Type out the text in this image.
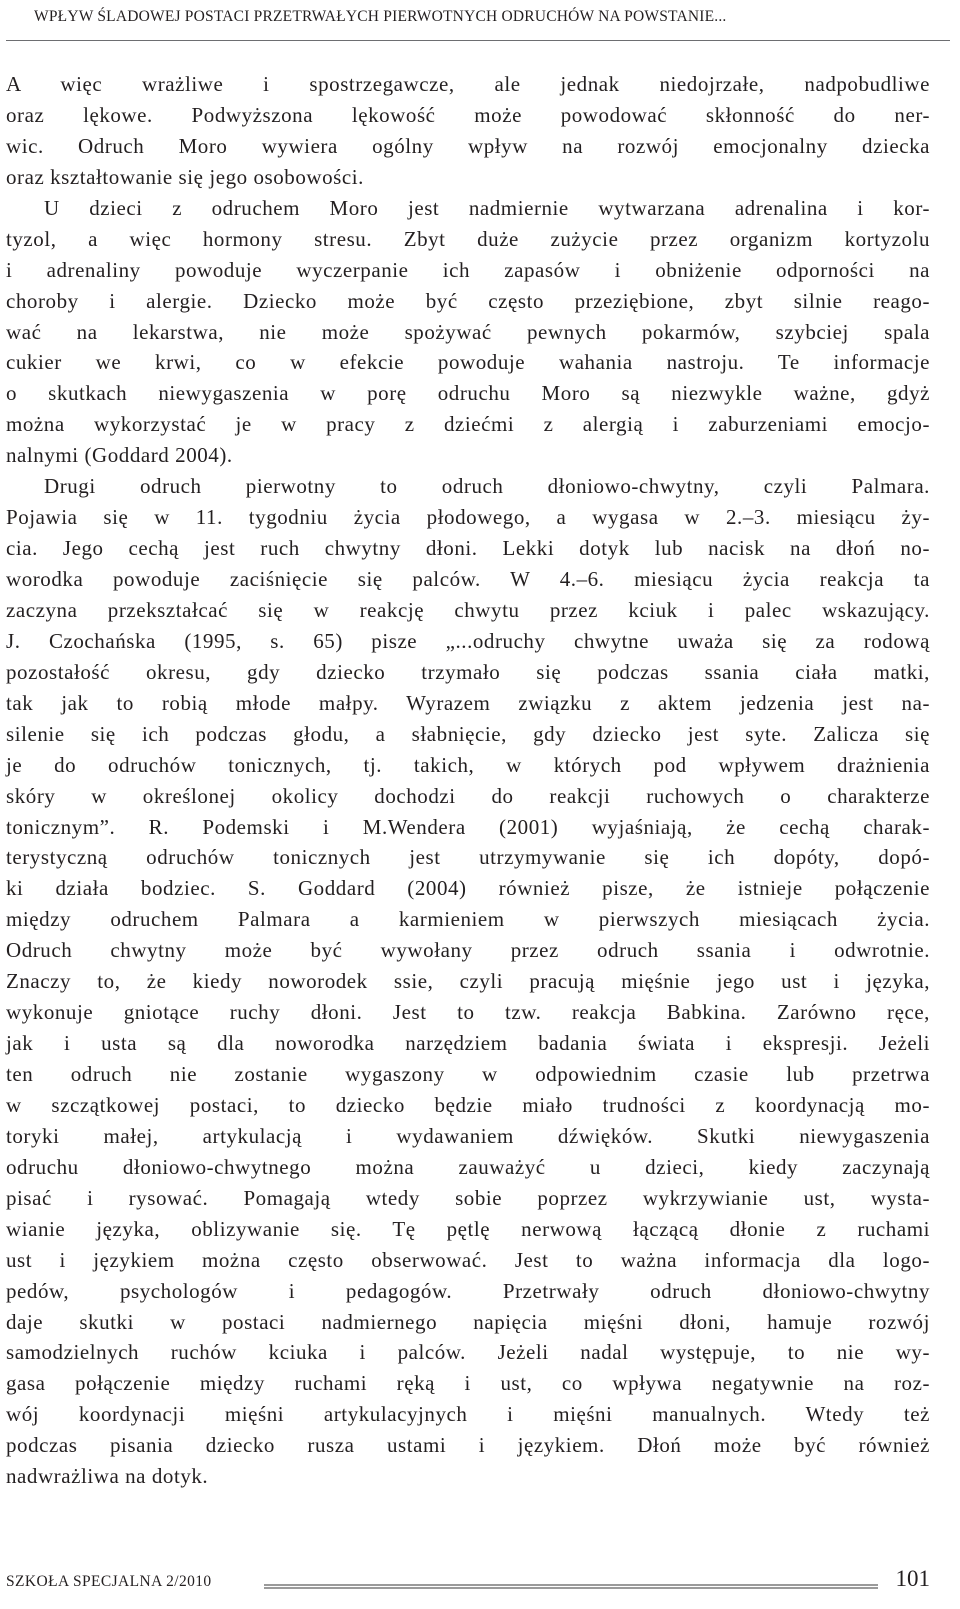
WPŁYW ŚLADOWEJ POSTACI PRZETRWAŁYCH PIERWOTNYCH ODRUCHÓW NA POWSTANIE...
A więc wrażliwe i spostrzegawcze, ale jednak niedojrzałe, nadpobudliwe
oraz lękowe. Podwyższona lękowość może powodować skłonność do ner-
wic. Odruch Moro wywiera ogólny wpływ na rozwój emocjonalny dziecka
oraz kształtowanie się jego osobowości.
U dzieci z odruchem Moro jest nadmiernie wytwarzana adrenalina i kor-
tyzol, a więc hormony stresu. Zbyt duże zużycie przez organizm kortyzolu
i adrenaliny powoduje wyczerpanie ich zapasów i obniżenie odporności na
choroby i alergie. Dziecko może być często przeziębione, zbyt silnie reago-
wać na lekarstwa, nie może spożywać pewnych pokarmów, szybciej spala
cukier we krwi, co w efekcie powoduje wahania nastroju. Te informacje
o skutkach niewygaszenia w porę odruchu Moro są niezwykle ważne, gdyż
można wykorzystać je w pracy z dziećmi z alergią i zaburzeniami emocjo-
nalnymi (Goddard 2004).
Drugi odruch pierwotny to odruch dłoniowo-chwytny, czyli Palmara.
Pojawia się w 11. tygodniu życia płodowego, a wygasa w 2.–3. miesiącu ży-
cia. Jego cechą jest ruch chwytny dłoni. Lekki dotyk lub nacisk na dłoń no-
worodka powoduje zaciśnięcie się palców. W 4.–6. miesiącu życia reakcja ta
zaczyna przekształcać się w reakcję chwytu przez kciuk i palec wskazujący.
J. Czochańska (1995, s. 65) pisze „...odruchy chwytne uważa się za rodową
pozostałość okresu, gdy dziecko trzymało się podczas ssania ciała matki,
tak jak to robią młode małpy. Wyrazem związku z aktem jedzenia jest na-
silenie się ich podczas głodu, a słabnięcie, gdy dziecko jest syte. Zalicza się
je do odruchów tonicznych, tj. takich, w których pod wpływem drażnienia
skóry w określonej okolicy dochodzi do reakcji ruchowych o charakterze
tonicznym”. R. Podemski i M.Wendera (2001) wyjaśniają, że cechą charak-
terystyczną odruchów tonicznych jest utrzymywanie się ich dopóty, dopó-
ki działa bodziec. S. Goddard (2004) również pisze, że istnieje połączenie
między odruchem Palmara a karmieniem w pierwszych miesiącach życia.
Odruch chwytny może być wywołany przez odruch ssania i odwrotnie.
Znaczy to, że kiedy noworodek ssie, czyli pracują mięśnie jego ust i języka,
wykonuje gniotące ruchy dłoni. Jest to tzw. reakcja Babkina. Zarówno ręce,
jak i usta są dla noworodka narzędziem badania świata i ekspresji. Jeżeli
ten odruch nie zostanie wygaszony w odpowiednim czasie lub przetrwa
w szczątkowej postaci, to dziecko będzie miało trudności z koordynacją mo-
toryki małej, artykulacją i wydawaniem dźwięków. Skutki niewygaszenia
odruchu dłoniowo-chwytnego można zauważyć u dzieci, kiedy zaczynają
pisać i rysować. Pomagają wtedy sobie poprzez wykrzywianie ust, wysta-
wianie języka, oblizywanie się. Tę pętlę nerwową łączącą dłonie z ruchami
ust i językiem można często obserwować. Jest to ważna informacja dla logo-
pedów, psychologów i pedagogów. Przetrwały odruch dłoniowo-chwytny
daje skutki w postaci nadmiernego napięcia mięśni dłoni, hamuje rozwój
samodzielnych ruchów kciuka i palców. Jeżeli nadal występuje, to nie wy-
gasa połączenie między ruchami ręką i ust, co wpływa negatywnie na roz-
wój koordynacji mięśni artykulacyjnych i mięśni manualnych. Wtedy też
podczas pisania dziecko rusza ustami i językiem. Dłoń może być również
nadwrażliwa na dotyk.
SZKOŁA SPECJALNA 2/2010	101
